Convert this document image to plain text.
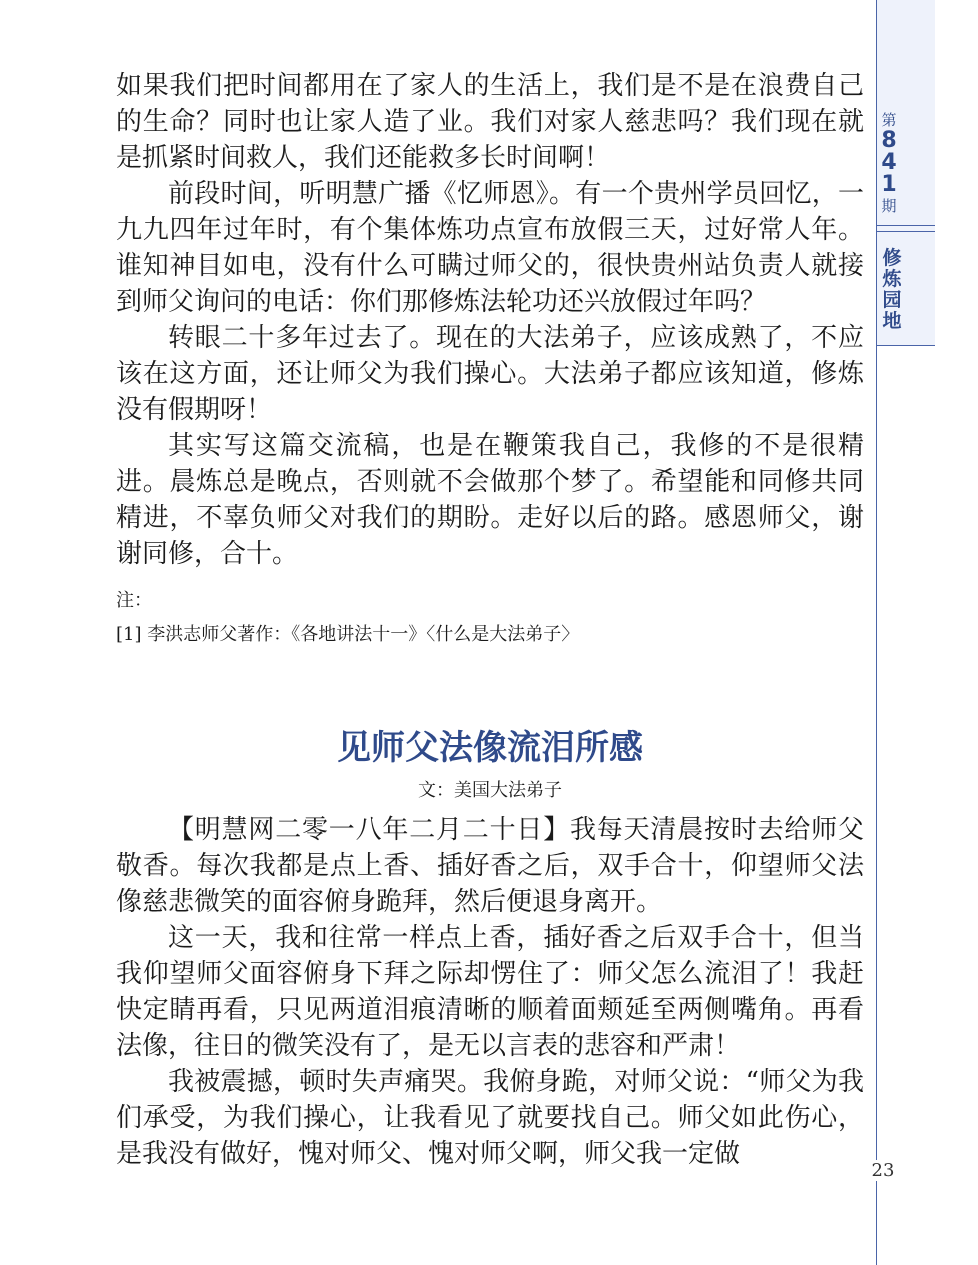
第
8
4
1
期
修
炼
园
地

如果我们把时间都用在了家人的生活上，我们是不是在浪费自己的生命？同时也让家人造了业。我们对家人慈悲吗？我们现在就是抓紧时间救人，我们还能救多长时间啊！

前段时间，听明慧广播《忆师恩》。有一个贵州学员回忆，一九九四年过年时，有个集体炼功点宣布放假三天，过好常人年。谁知神目如电，没有什么可瞒过师父的，很快贵州站负责人就接到师父询问的电话：你们那修炼法轮功还兴放假过年吗？

转眼二十多年过去了。现在的大法弟子，应该成熟了，不应该在这方面，还让师父为我们操心。大法弟子都应该知道，修炼没有假期呀！

其实写这篇交流稿，也是在鞭策我自己，我修的不是很精进。晨炼总是晚点，否则就不会做那个梦了。希望能和同修共同精进，不辜负师父对我们的期盼。走好以后的路。感恩师父，谢谢同修，合十。

注：
[1] 李洪志师父著作：《各地讲法十一》〈什么是大法弟子〉
见师父法像流泪所感
文：美国大法弟子

【明慧网二零一八年二月二十日】我每天清晨按时去给师父敬香。每次我都是点上香、插好香之后，双手合十，仰望师父法像慈悲微笑的面容俯身跪拜，然后便退身离开。

这一天，我和往常一样点上香，插好香之后双手合十，但当我仰望师父面容俯身下拜之际却愣住了：师父怎么流泪了！我赶快定睛再看，只见两道泪痕清晰的顺着面颊延至两侧嘴角。再看法像，往日的微笑没有了，是无以言表的悲容和严肃！

我被震撼，顿时失声痛哭。我俯身跪，对师父说：“师父为我们承受，为我们操心，让我看见了就要找自己。师父如此伤心，是我没有做好，愧对师父、愧对师父啊，师父我一定做

23
